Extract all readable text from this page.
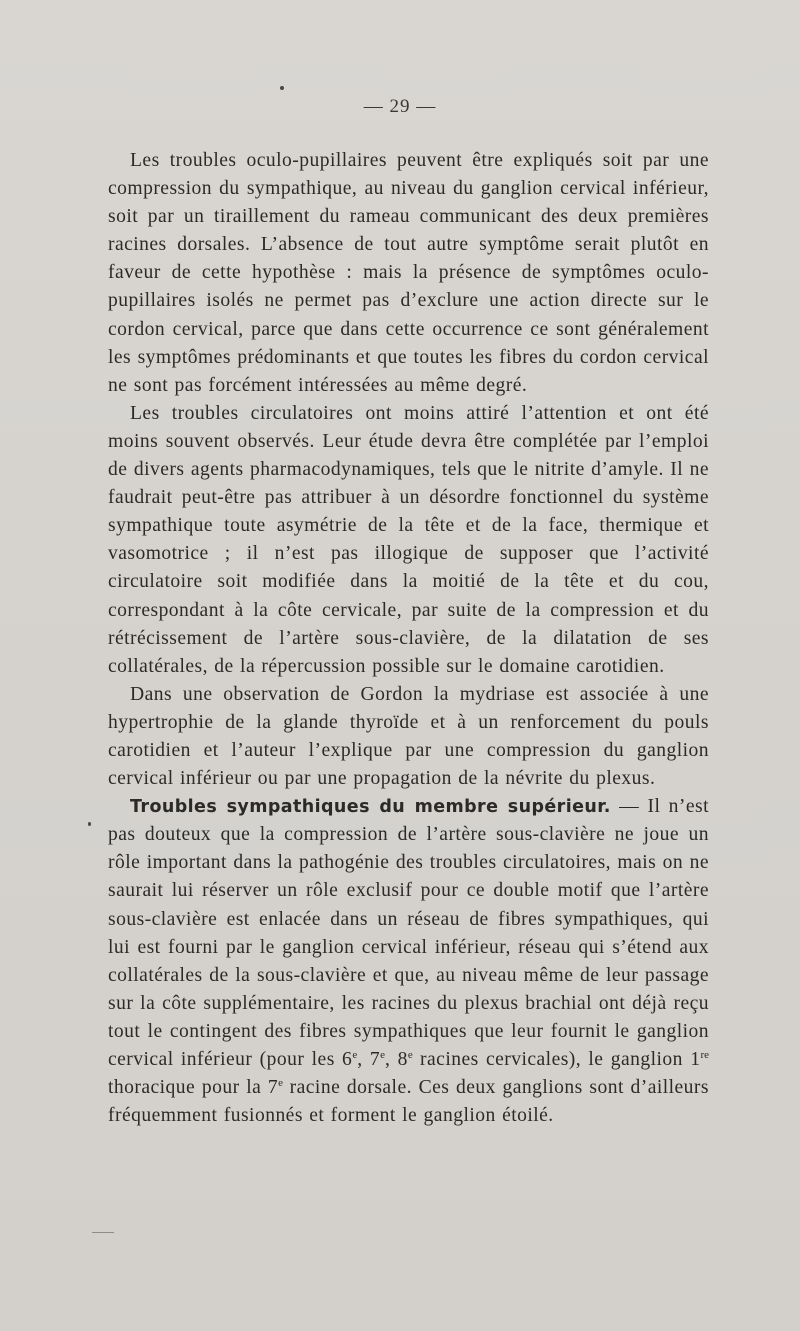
— 29 —

Les troubles oculo-pupillaires peuvent être expliqués soit par une compression du sympathique, au niveau du ganglion cervical inférieur, soit par un tiraillement du rameau communicant des deux premières racines dorsales. L’absence de tout autre symptôme serait plutôt en faveur de cette hypothèse : mais la présence de symptômes oculo-pupillaires isolés ne permet pas d’exclure une action directe sur le cordon cervical, parce que dans cette occurrence ce sont généralement les symptômes prédominants et que toutes les fibres du cordon cervical ne sont pas forcément intéressées au même degré.

Les troubles circulatoires ont moins attiré l’attention et ont été moins souvent observés. Leur étude devra être complétée par l’emploi de divers agents pharmacodynamiques, tels que le nitrite d’amyle. Il ne faudrait peut-être pas attribuer à un désordre fonctionnel du système sympathique toute asymétrie de la tête et de la face, thermique et vasomotrice ; il n’est pas illogique de supposer que l’activité circulatoire soit modifiée dans la moitié de la tête et du cou, correspondant à la côte cervicale, par suite de la compression et du rétrécissement de l’artère sous-clavière, de la dilatation de ses collatérales, de la répercussion possible sur le domaine carotidien.

Dans une observation de Gordon la mydriase est associée à une hypertrophie de la glande thyroïde et à un renforcement du pouls carotidien et l’auteur l’explique par une compression du ganglion cervical inférieur ou par une propagation de la névrite du plexus.

Troubles sympathiques du membre supérieur. — Il n’est pas douteux que la compression de l’artère sous-clavière ne joue un rôle important dans la pathogénie des troubles circulatoires, mais on ne saurait lui réserver un rôle exclusif pour ce double motif que l’artère sous-clavière est enlacée dans un réseau de fibres sympathiques, qui lui est fourni par le ganglion cervical inférieur, réseau qui s’étend aux collatérales de la sous-clavière et que, au niveau même de leur passage sur la côte supplémentaire, les racines du plexus brachial ont déjà reçu tout le contingent des fibres sympathiques que leur fournit le ganglion cervical inférieur (pour les 6e, 7e, 8e racines cervicales), le ganglion 1re thoracique pour la 7e racine dorsale. Ces deux ganglions sont d’ailleurs fréquemment fusionnés et forment le ganglion étoilé.
